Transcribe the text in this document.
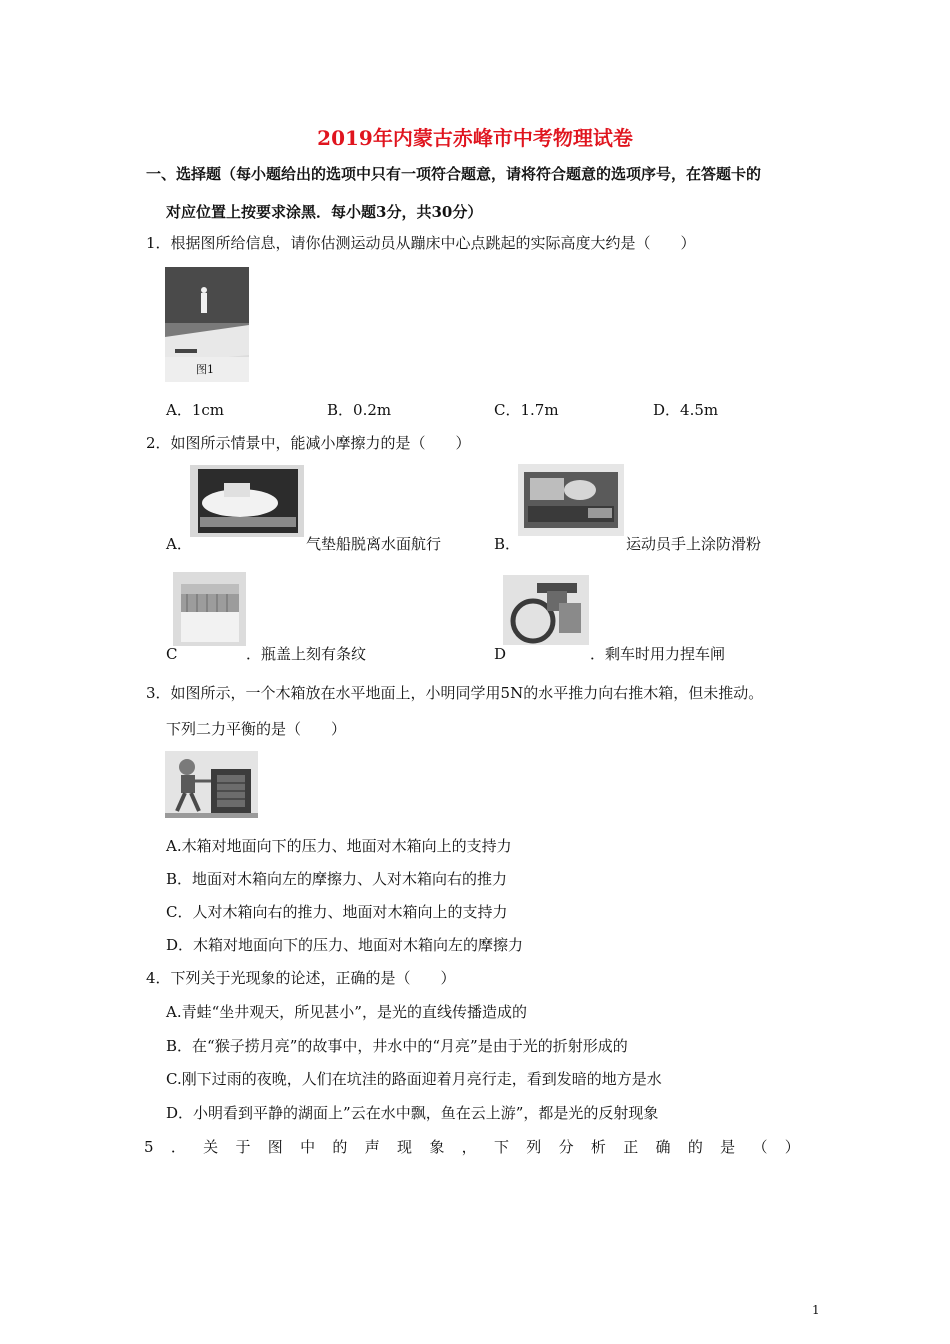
2019年内蒙古赤峰市中考物理试卷
一、选择题（每小题给出的选项中只有一项符合题意，请将符合题意的选项序号，在答题卡的
对应位置上按要求涂黑．每小题3分，共30分）
1．根据图所给信息，请你估测运动员从蹦床中心点跳起的实际高度大约是（　　）
图1
A．1cm	B．0.2m	C．1.7m	D．4.5m
2．如图所示情景中，能减小摩擦力的是（　　）
A．	气垫船脱离水面航行	B．	运动员手上涂防滑粉
C	．瓶盖上刻有条纹	D	．剩车时用力捏车闸
3．如图所示，一个木箱放在水平地面上，小明同学用5N的水平推力向右推木箱，但未推动。
下列二力平衡的是（　　）
A.木箱对地面向下的压力、地面对木箱向上的支持力
B．地面对木箱向左的摩擦力、人对木箱向右的推力
C．人对木箱向右的推力、地面对木箱向上的支持力
D．木箱对地面向下的压力、地面对木箱向左的摩擦力
4．下列关于光现象的论述，正确的是（　　）
A.青蛙“坐井观天，所见甚小”，是光的直线传播造成的
B．在“猴子捞月亮”的故事中，井水中的“月亮”是由于光的折射形成的
C.刚下过雨的夜晚，人们在坑洼的路面迎着月亮行走，看到发暗的地方是水
D．小明看到平静的湖面上”云在水中飘，鱼在云上游”，都是光的反射现象
5 ． 关 于 图 中 的 声 现 象 ， 下 列 分 析 正 确 的 是 （ ）
1
